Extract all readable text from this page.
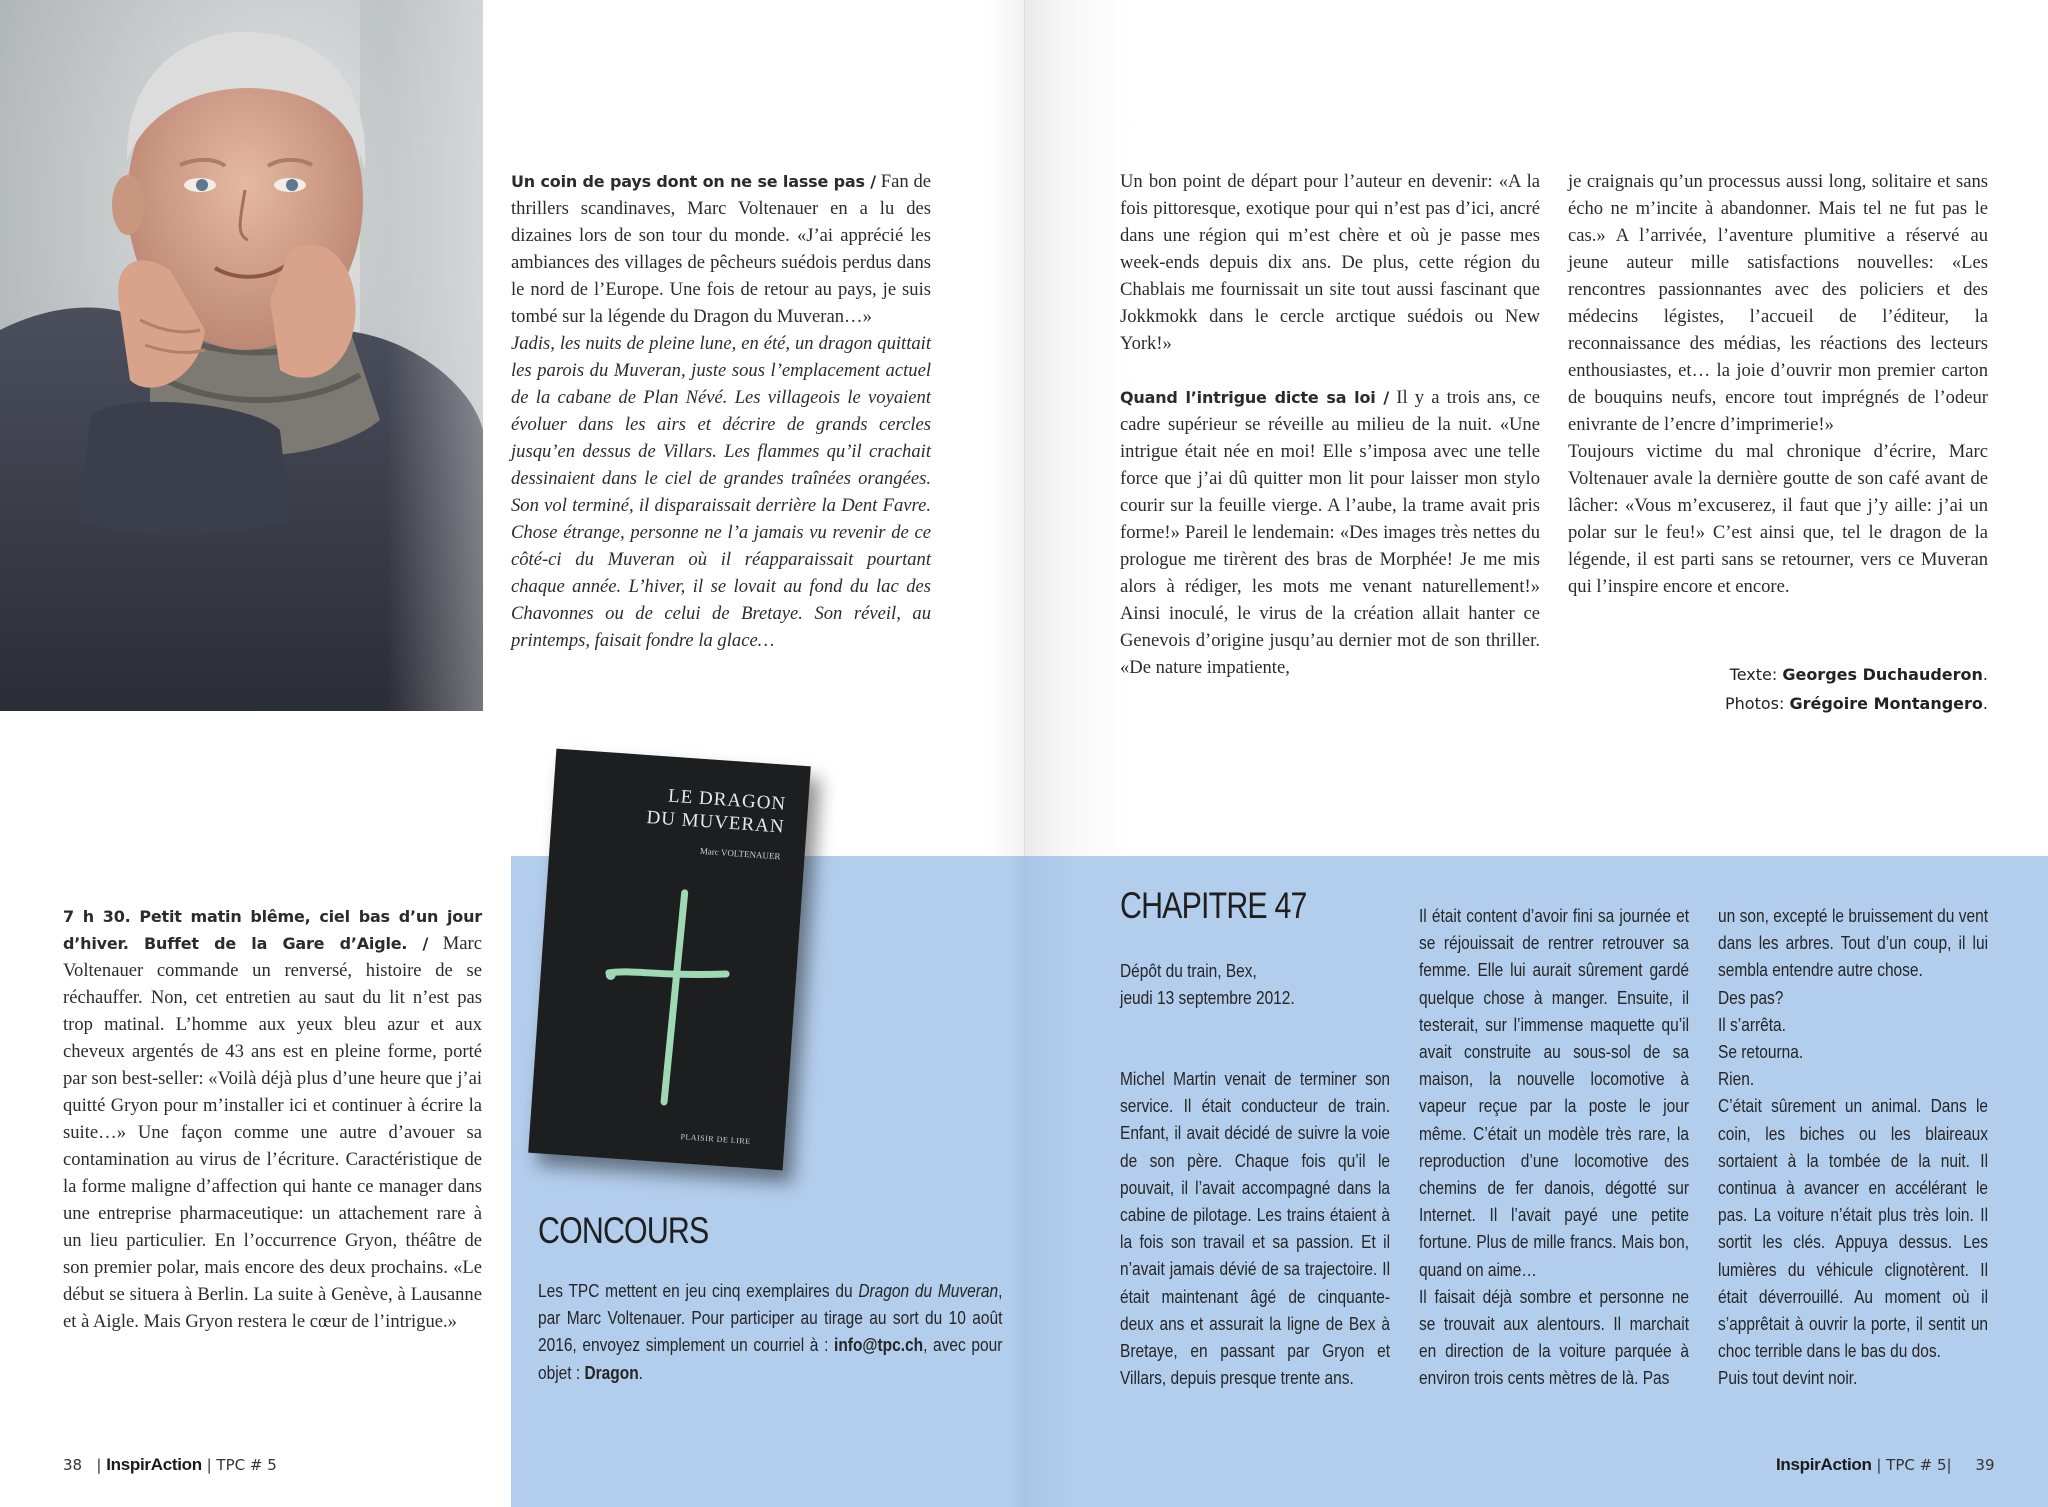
Un coin de pays dont on ne se lasse pas / Fan de thrillers scandinaves, Marc Voltenauer en a lu des dizaines lors de son tour du monde. «J’ai apprécié les ambiances des villages de pêcheurs suédois perdus dans le nord de l’Europe. Une fois de retour au pays, je suis tombé sur la légende du Dragon du Muveran…»

Jadis, les nuits de pleine lune, en été, un dragon quittait les parois du Muveran, juste sous l’emplacement actuel de la cabane de Plan Névé. Les villageois le voyaient évoluer dans les airs et décrire de grands cercles jusqu’en dessus de Villars. Les flammes qu’il crachait dessinaient dans le ciel de grandes traînées orangées. Son vol terminé, il disparaissait derrière la Dent Favre. Chose étrange, personne ne l’a jamais vu revenir de ce côté-ci du Muveran où il réapparaissait pourtant chaque année. L’hiver, il se lovait au fond du lac des Chavonnes ou de celui de Bretaye. Son réveil, au printemps, faisait fondre la glace…

7 h 30. Petit matin blême, ciel bas d’un jour d’hiver. Buffet de la Gare d’Aigle. / Marc Voltenauer commande un renversé, histoire de se réchauffer. Non, cet entretien au saut du lit n’est pas trop matinal. L’homme aux yeux bleu azur et aux cheveux argentés de 43 ans est en pleine forme, porté par son best-seller: «Voilà déjà plus d’une heure que j’ai quitté Gryon pour m’installer ici et continuer à écrire la suite…» Une façon comme une autre d’avouer sa contamination au virus de l’écriture. Caractéristique de la forme maligne d’affection qui hante ce manager dans une entreprise pharmaceutique: un attachement rare à un lieu particulier. En l’occurrence Gryon, théâtre de son premier polar, mais encore des deux prochains. «Le début se situera à Berlin. La suite à Genève, à Lausanne et à Aigle. Mais Gryon restera le cœur de l’intrigue.»

LE DRAGON
DU MUVERAN
Marc VOLTENAUER
PLAISIR DE LIRE
CONCOURS

Les TPC mettent en jeu cinq exemplaires du Dragon du Muveran, par Marc Voltenauer. Pour participer au tirage au sort du 10 août 2016, envoyez simplement un courriel à : info@tpc.ch, avec pour objet : Dragon.

Un bon point de départ pour l’auteur en devenir: «A la fois pittoresque, exotique pour qui n’est pas d’ici, ancré dans une région qui m’est chère et où je passe mes week-ends depuis dix ans. De plus, cette région du Chablais me fournissait un site tout aussi fascinant que Jokkmokk dans le cercle arctique suédois ou New York!»

Quand l’intrigue dicte sa loi / Il y a trois ans, ce cadre supérieur se réveille au milieu de la nuit. «Une intrigue était née en moi! Elle s’imposa avec une telle force que j’ai dû quitter mon lit pour laisser mon stylo courir sur la feuille vierge. A l’aube, la trame avait pris forme!» Pareil le lendemain: «Des images très nettes du prologue me tirèrent des bras de Morphée! Je me mis alors à rédiger, les mots me venant naturellement!» Ainsi inoculé, le virus de la création allait hanter ce Genevois d’origine jusqu’au dernier mot de son thriller. «De nature impatiente,

je craignais qu’un processus aussi long, solitaire et sans écho ne m’incite à abandonner. Mais tel ne fut pas le cas.» A l’arrivée, l’aventure plumitive a réservé au jeune auteur mille satisfactions nouvelles: «Les rencontres passionnantes avec des policiers et des médecins légistes, l’accueil de l’éditeur, la reconnaissance des médias, les réactions des lecteurs enthousiastes, et… la joie d’ouvrir mon premier carton de bouquins neufs, encore tout imprégnés de l’odeur enivrante de l’encre d’imprimerie!»

Toujours victime du mal chronique d’écrire, Marc Voltenauer avale la dernière goutte de son café avant de lâcher: «Vous m’excuserez, il faut que j’y aille: j’ai un polar sur le feu!» C’est ainsi que, tel le dragon de la légende, il est parti sans se retourner, vers ce Muveran qui l’inspire encore et encore.

Texte: Georges Duchauderon.
Photos: Grégoire Montangero.
CHAPITRE 47

Dépôt du train, Bex,

jeudi 13 septembre 2012.

Michel Martin venait de terminer son service. Il était conducteur de train. Enfant, il avait décidé de suivre la voie de son père. Chaque fois qu’il le pouvait, il l’avait accompagné dans la cabine de pilotage. Les trains étaient à la fois son travail et sa passion. Et il n’avait jamais dévié de sa trajectoire. Il était maintenant âgé de cinquante-deux ans et assurait la ligne de Bex à Bretaye, en passant par Gryon et Villars, depuis presque trente ans.

Il était content d’avoir fini sa journée et se réjouissait de rentrer retrouver sa femme. Elle lui aurait sûrement gardé quelque chose à manger. Ensuite, il testerait, sur l’immense maquette qu’il avait construite au sous-sol de sa maison, la nouvelle locomotive à vapeur reçue par la poste le jour même. C’était un modèle très rare, la reproduction d’une locomotive des chemins de fer danois, dégotté sur Internet. Il l’avait payé une petite fortune. Plus de mille francs. Mais bon, quand on aime…

Il faisait déjà sombre et personne ne se trouvait aux alentours. Il marchait en direction de la voiture parquée à environ trois cents mètres de là. Pas

un son, excepté le bruissement du vent dans les arbres. Tout d’un coup, il lui sembla entendre autre chose.

Des pas?

Il s’arrêta.

Se retourna.

Rien.

C’était sûrement un animal. Dans le coin, les biches ou les blaireaux sortaient à la tombée de la nuit. Il continua à avancer en accélérant le pas. La voiture n’était plus très loin. Il sortit les clés. Appuya dessus. Les lumières du véhicule clignotèrent. Il était déverrouillé. Au moment où il s’apprêtait à ouvrir la porte, il sentit un choc terrible dans le bas du dos.

Puis tout devint noir.

38   | InspirAction | TPC # 5	InspirAction | TPC # 5|     39
